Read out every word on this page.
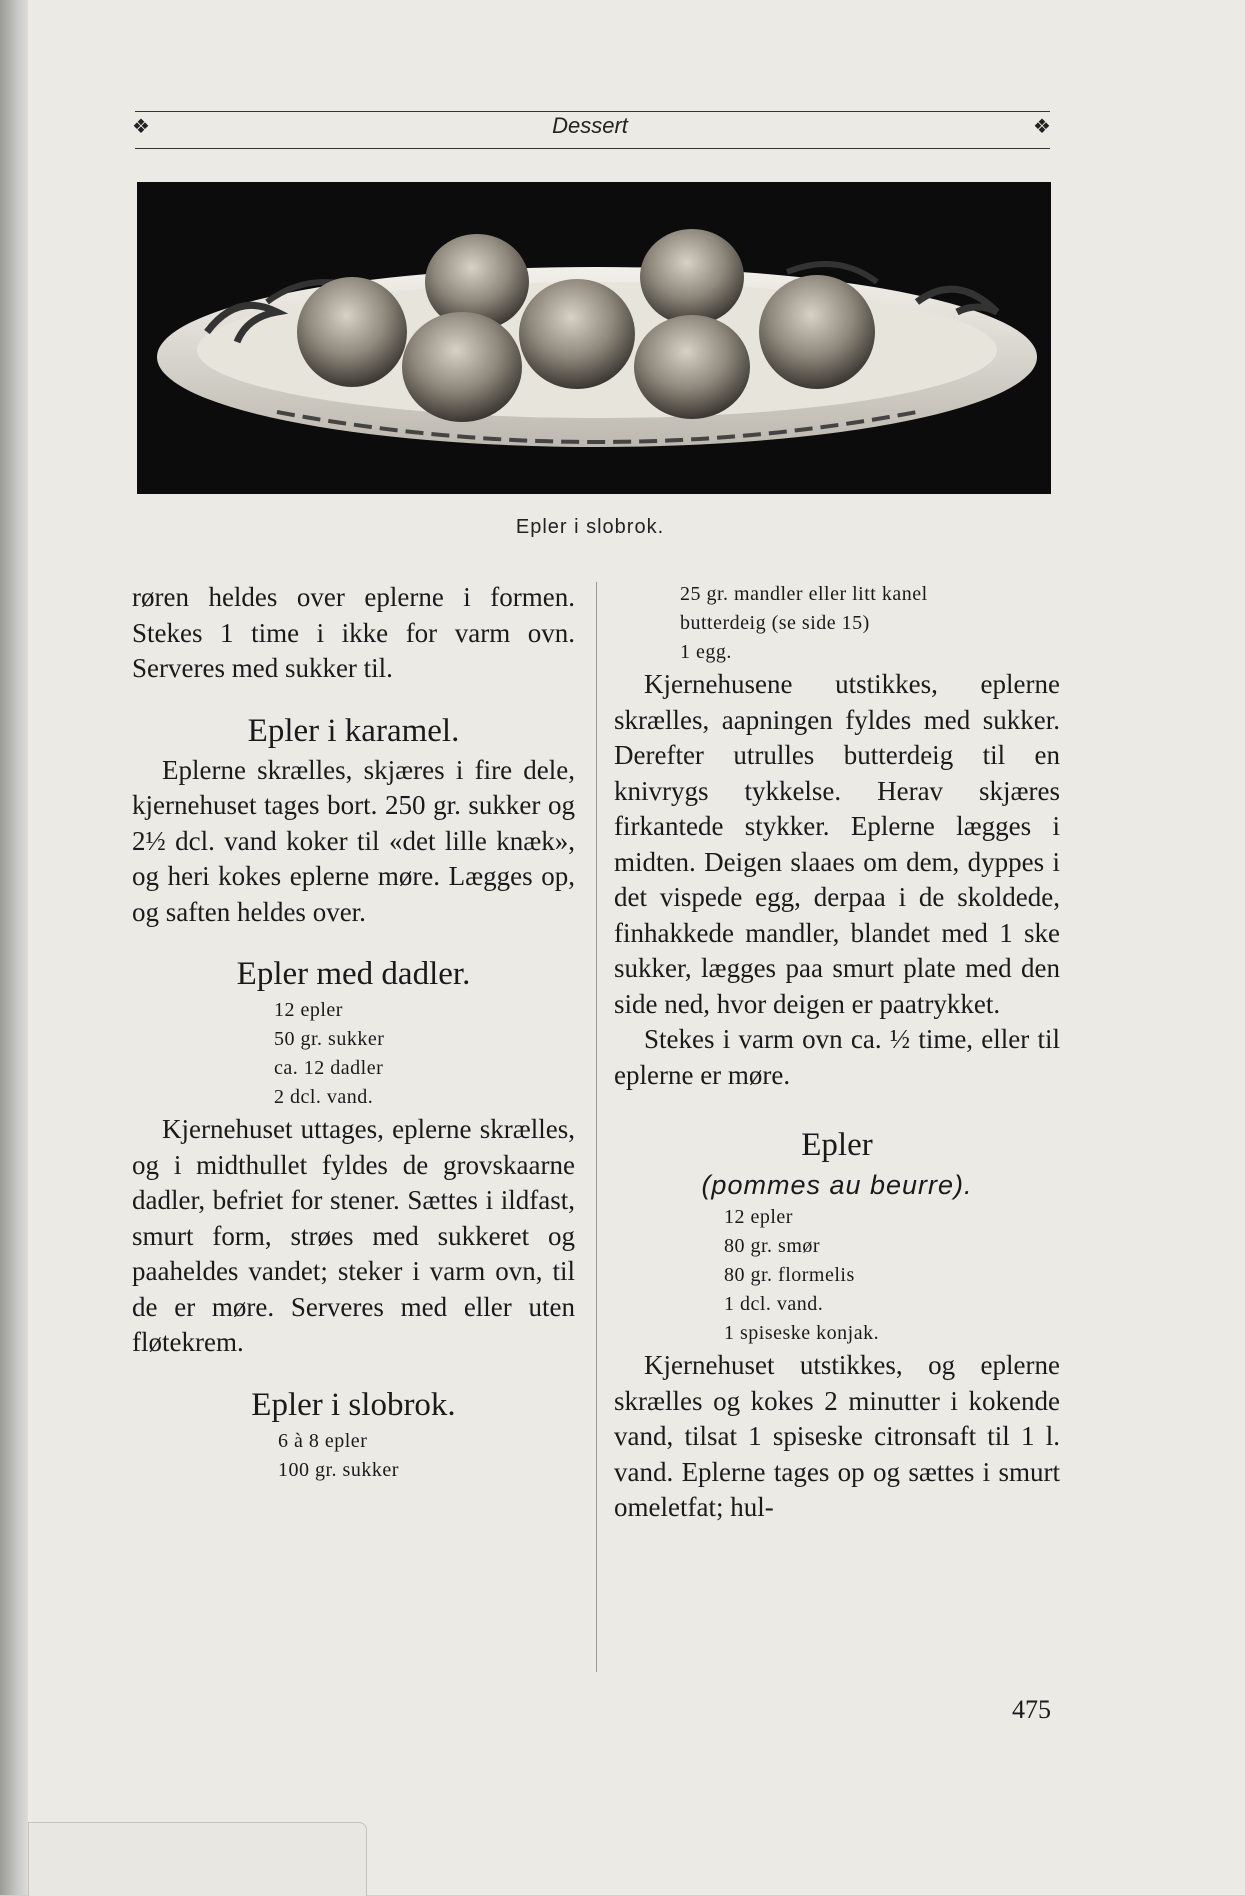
❖	Dessert	❖
Epler i slobrok.

røren heldes over eplerne i formen. Stekes 1 time i ikke for varm ovn. Serveres med sukker til.

Epler i karamel.

Eplerne skrælles, skjæres i fire dele, kjernehuset tages bort. 250 gr. sukker og 2½ dcl. vand koker til «det lille knæk», og heri kokes eplerne møre. Lægges op, og saften heldes over.

Epler med dadler.
12 epler
50 gr. sukker
ca. 12 dadler
2 dcl. vand.

Kjernehuset uttages, eplerne skrælles, og i midthullet fyldes de grovskaarne dadler, befriet for stener. Sættes i ildfast, smurt form, strøes med sukkeret og paaheldes vandet; steker i varm ovn, til de er møre. Serveres med eller uten fløtekrem.

Epler i slobrok.
6 à 8 epler
100 gr. sukker
25 gr. mandler eller litt kanel
butterdeig (se side 15)
1 egg.

Kjernehusene utstikkes, eplerne skrælles, aapningen fyldes med sukker. Derefter utrulles butterdeig til en knivrygs tykkelse. Herav skjæres firkantede stykker. Eplerne lægges i midten. Deigen slaaes om dem, dyppes i det vispede egg, derpaa i de skoldede, finhakkede mandler, blandet med 1 ske sukker, lægges paa smurt plate med den side ned, hvor deigen er paatrykket.

Stekes i varm ovn ca. ½ time, eller til eplerne er møre.

Epler
(pommes au beurre).
12 epler
80 gr. smør
80 gr. flormelis
1 dcl. vand.
1 spiseske konjak.

Kjernehuset utstikkes, og eplerne skrælles og kokes 2 minutter i kokende vand, tilsat 1 spiseske citronsaft til 1 l. vand. Eplerne tages op og sættes i smurt omeletfat; hul-

475
